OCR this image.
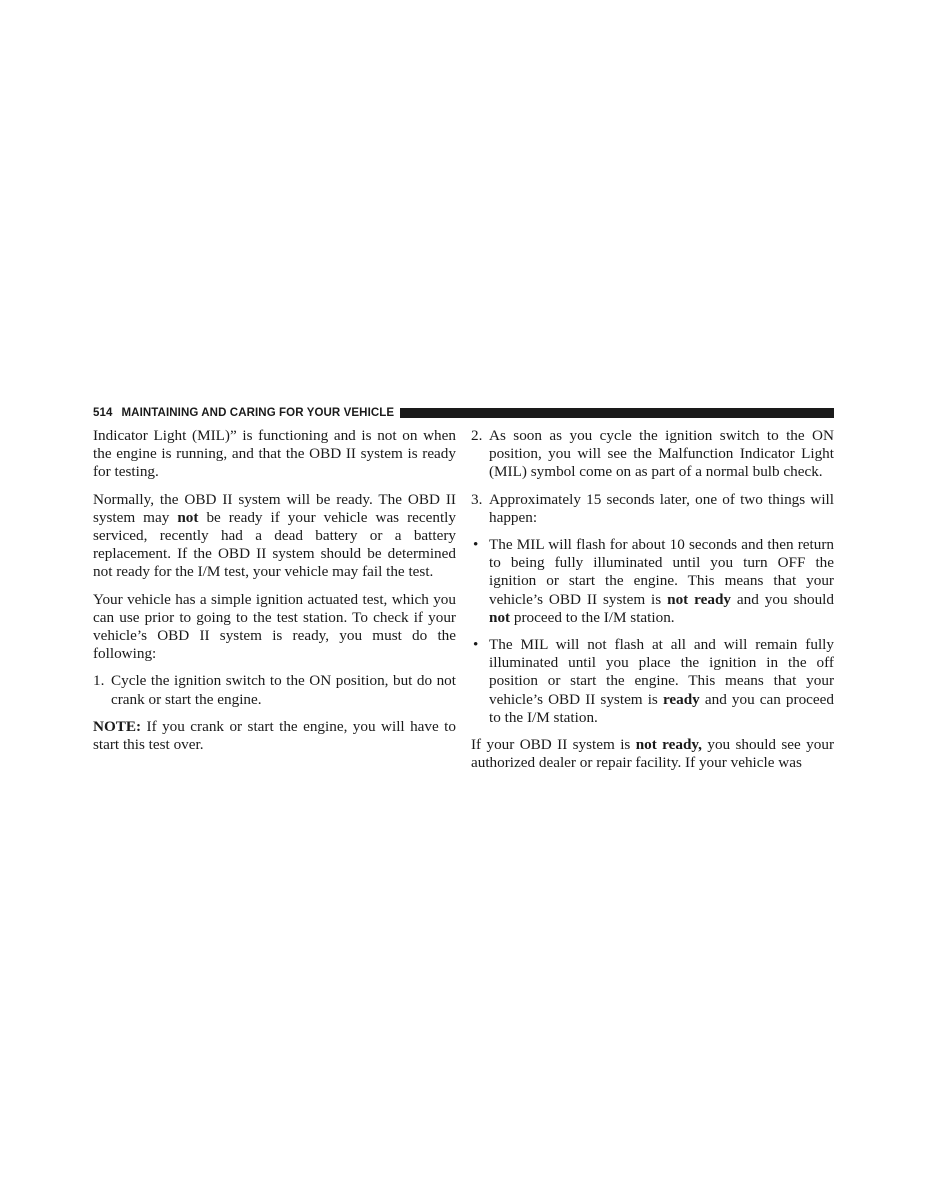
514 MAINTAINING AND CARING FOR YOUR VEHICLE

Indicator Light (MIL)” is functioning and is not on when the engine is running, and that the OBD II system is ready for testing.

Normally, the OBD II system will be ready. The OBD II system may not be ready if your vehicle was recently serviced, recently had a dead battery or a battery replacement. If the OBD II system should be determined not ready for the I/M test, your vehicle may fail the test.

Your vehicle has a simple ignition actuated test, which you can use prior to going to the test station. To check if your vehicle’s OBD II system is ready, you must do the following:

1. Cycle the ignition switch to the ON position, but do not crank or start the engine.

NOTE: If you crank or start the engine, you will have to start this test over.

2. As soon as you cycle the ignition switch to the ON position, you will see the Malfunction Indicator Light (MIL) symbol come on as part of a normal bulb check.
3. Approximately 15 seconds later, one of two things will happen:
• The MIL will flash for about 10 seconds and then return to being fully illuminated until you turn OFF the ignition or start the engine. This means that your vehicle’s OBD II system is not ready and you should not proceed to the I/M station.
• The MIL will not flash at all and will remain fully illuminated until you place the ignition in the off position or start the engine. This means that your vehicle’s OBD II system is ready and you can proceed to the I/M station.

If your OBD II system is not ready, you should see your authorized dealer or repair facility. If your vehicle was
